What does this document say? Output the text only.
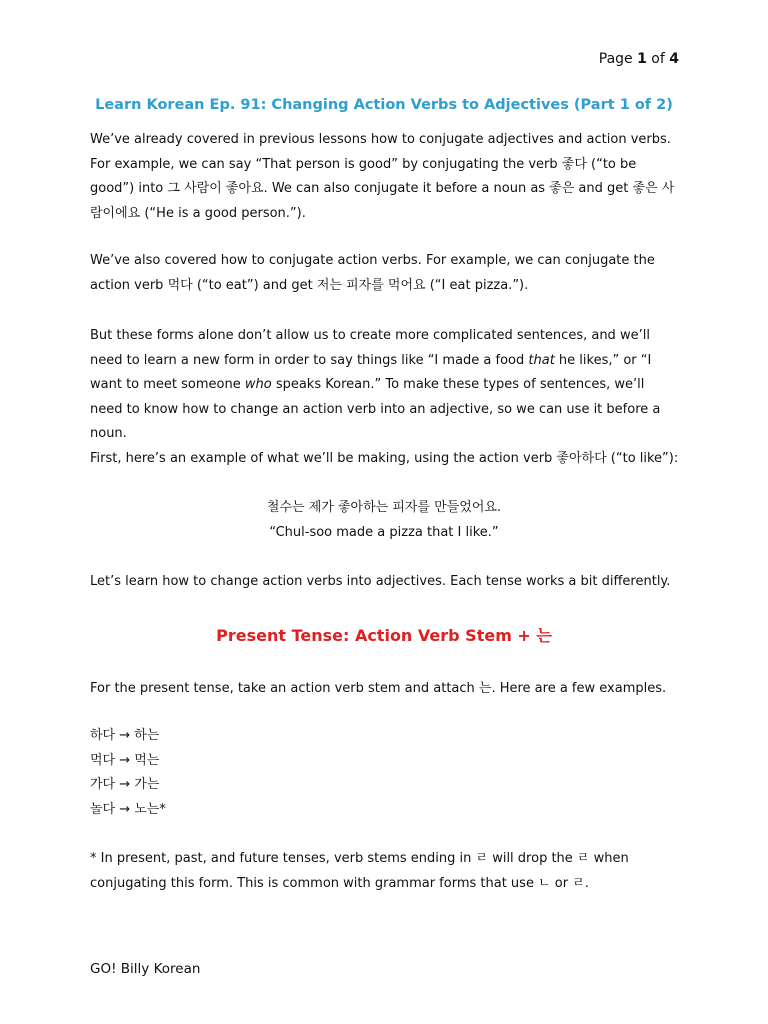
Page 1 of 4
Learn Korean Ep. 91: Changing Action Verbs to Adjectives (Part 1 of 2)

We’ve already covered in previous lessons how to conjugate adjectives and action verbs. For example, we can say “That person is good” by conjugating the verb 좋다 (“to be good”) into 그 사람이 좋아요. We can also conjugate it before a noun as 좋은 and get 좋은 사람이에요 (“He is a good person.”).

We’ve also covered how to conjugate action verbs. For example, we can conjugate the action verb 먹다 (“to eat”) and get 저는 피자를 먹어요 (“I eat pizza.”).

But these forms alone don’t allow us to create more complicated sentences, and we’ll need to learn a new form in order to say things like “I made a food that he likes,” or “I want to meet someone who speaks Korean.” To make these types of sentences, we’ll need to know how to change an action verb into an adjective, so we can use it before a noun.

First, here’s an example of what we’ll be making, using the action verb 좋아하다 (“to like”):

철수는 제가 좋아하는 피자를 만들었어요.

“Chul-soo made a pizza that I like.”

Let’s learn how to change action verbs into adjectives. Each tense works a bit differently.

Present Tense: Action Verb Stem + 는

For the present tense, take an action verb stem and attach 는. Here are a few examples.

하다 → 하는
먹다 → 먹는
가다 → 가는
놀다 → 노는*

* In present, past, and future tenses, verb stems ending in ㄹ will drop the ㄹ when conjugating this form. This is common with grammar forms that use ㄴ or ㄹ.

GO! Billy Korean
